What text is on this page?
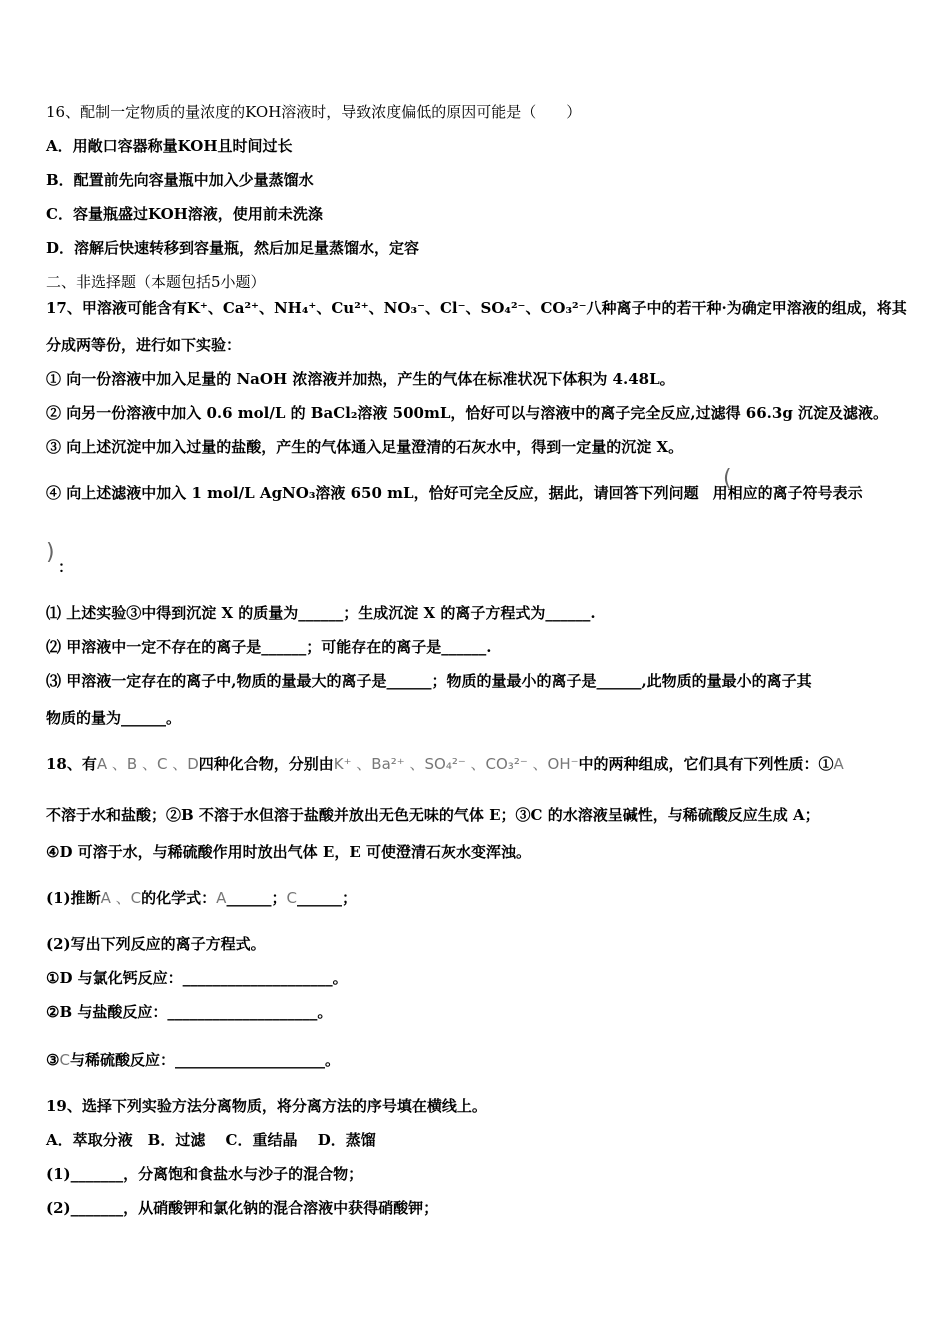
16、配制一定物质的量浓度的KOH溶液时，导致浓度偏低的原因可能是（　　）
A．用敞口容器称量KOH且时间过长
B．配置前先向容量瓶中加入少量蒸馏水
C．容量瓶盛过KOH溶液，使用前未洗涤
D．溶解后快速转移到容量瓶，然后加足量蒸馏水，定容
二、非选择题（本题包括5小题）
17、甲溶液可能含有K⁺、Ca²⁺、NH₄⁺、Cu²⁺、NO₃⁻、Cl⁻、SO₄²⁻、CO₃²⁻八种离子中的若干种·为确定甲溶液的组成，将其
分成两等份，进行如下实验：
① 向一份溶液中加入足量的 NaOH 浓溶液并加热，产生的气体在标准状况下体积为 4.48L。
② 向另一份溶液中加入 0.6 mol/L 的 BaCl₂溶液 500mL，恰好可以与溶液中的离子完全反应,过滤得 66.3g 沉淀及滤液。
③ 向上述沉淀中加入过量的盐酸，产生的气体通入足量澄清的石灰水中，得到一定量的沉淀 X。
④ 向上述滤液中加入 1 mol/L AgNO₃溶液 650 mL，恰好可完全反应，据此，请回答下列问题 用相应的离子符号表示
(
)
：
⑴ 上述实验③中得到沉淀 X 的质量为______；生成沉淀 X 的离子方程式为______.
⑵ 甲溶液中一定不存在的离子是______；可能存在的离子是______.
⑶ 甲溶液一定存在的离子中,物质的量最大的离子是______；物质的量最小的离子是______,此物质的量最小的离子其
物质的量为______。
18、有A 、B 、C 、D四种化合物，分别由K⁺ 、Ba²⁺ 、SO₄²⁻ 、CO₃²⁻ 、OH⁻中的两种组成，它们具有下列性质：①A
不溶于水和盐酸；②B 不溶于水但溶于盐酸并放出无色无味的气体 E；③C 的水溶液呈碱性，与稀硫酸反应生成 A；
④D 可溶于水，与稀硫酸作用时放出气体 E，E 可使澄清石灰水变浑浊。
(1)推断A 、C的化学式：A______；C______；
(2)写出下列反应的离子方程式。
①D 与氯化钙反应：____________________。
②B 与盐酸反应：____________________。
③C与稀硫酸反应：____________________。
19、选择下列实验方法分离物质，将分离方法的序号填在横线上。
A．萃取分液　B．过滤　 C．重结晶　 D．蒸馏
(1)_______，分离饱和食盐水与沙子的混合物；
(2)_______，从硝酸钾和氯化钠的混合溶液中获得硝酸钾；
